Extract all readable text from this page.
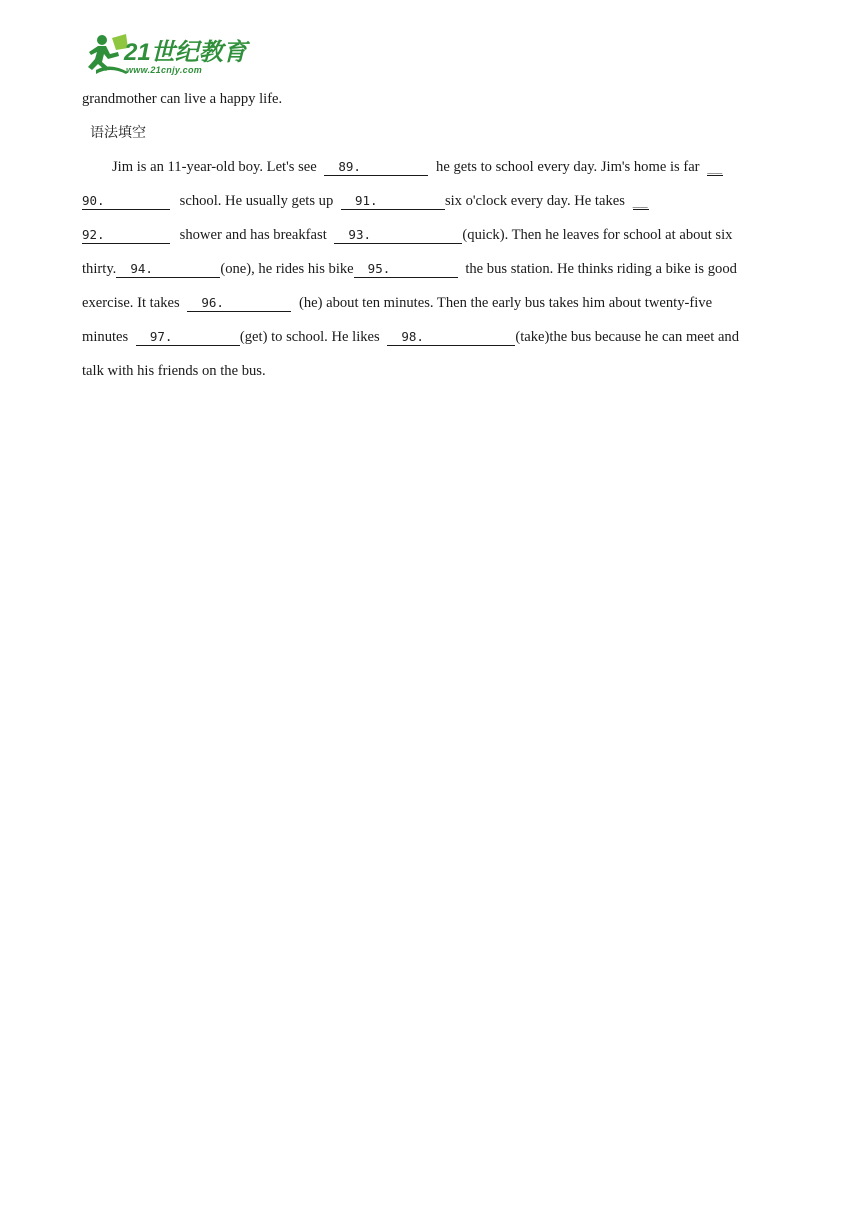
21世纪教育
www.21cnjy.com
grandmother can live a happy life.
语法填空
Jim is an 11-year-old boy. Let's see 89.	he gets to school every day. Jim's home is far __
90.	school. He usually gets up 91.	six o'clock every day. He takes __
92.	shower and has breakfast 93.	(quick). Then he leaves for school at about six
thirty. 94.	(one), he rides his bike 95.	the bus station. He thinks riding a bike is good
exercise. It takes 96.	(he) about ten minutes. Then the early bus takes him about twenty-five
minutes 97.	(get) to school. He likes 98.	(take)the bus because he can meet and
talk with his friends on the bus.
